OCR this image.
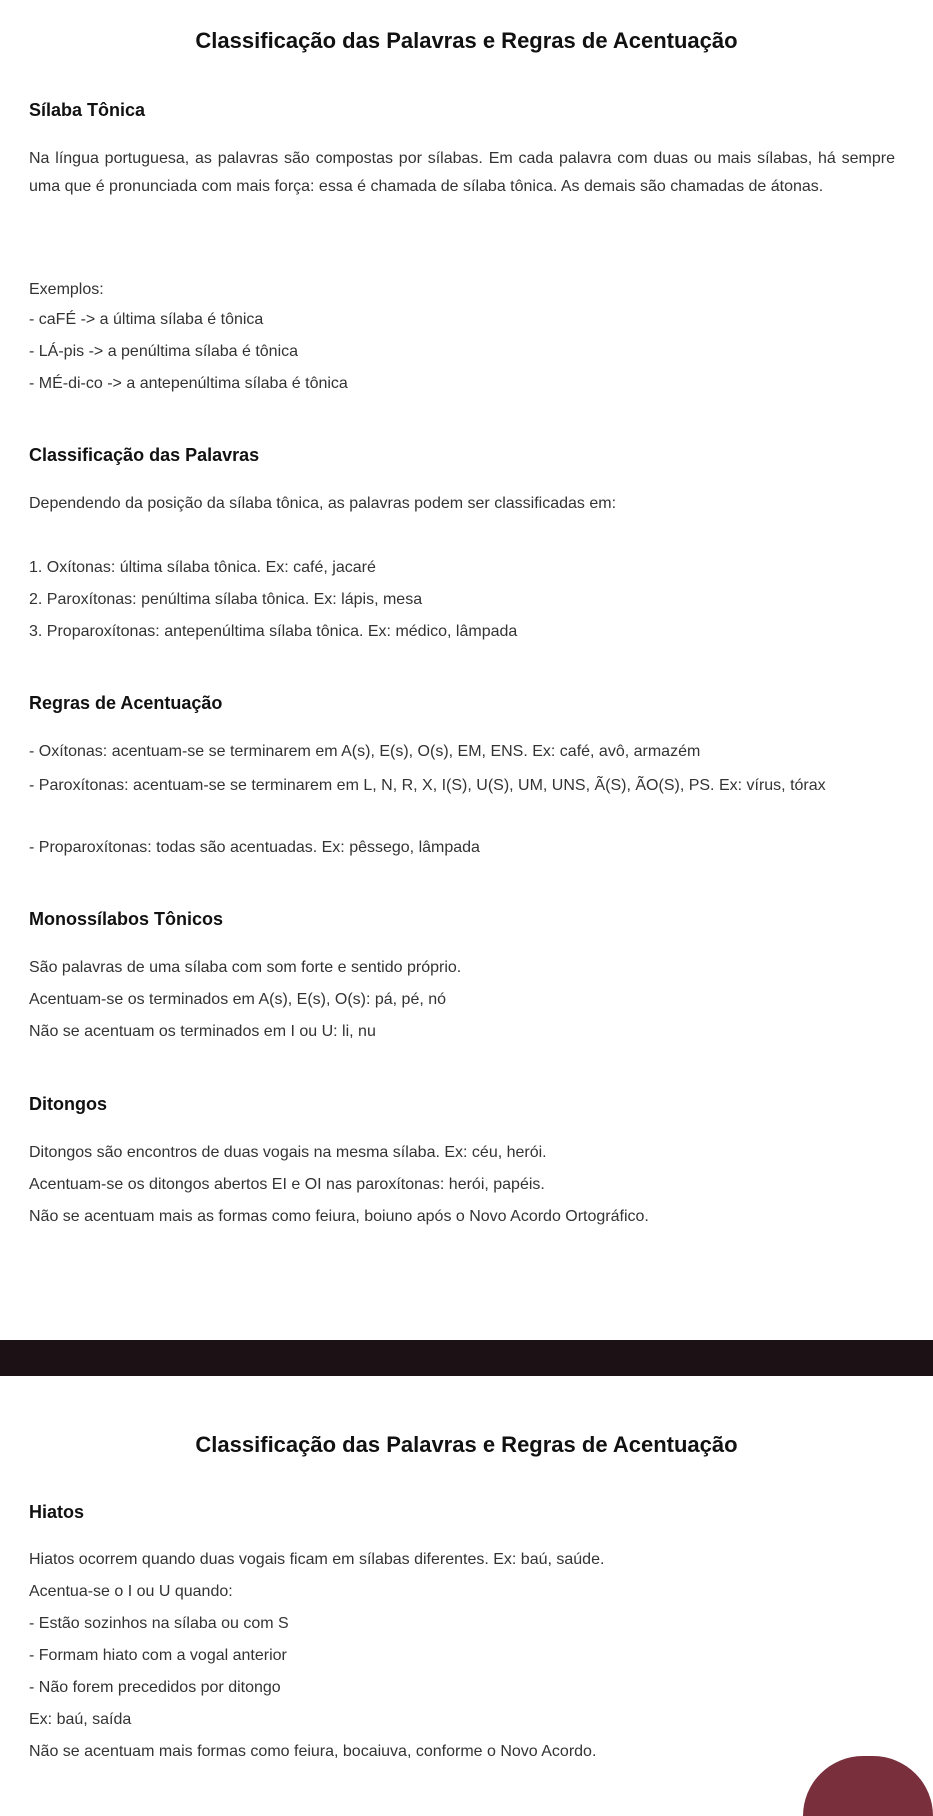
Classificação das Palavras e Regras de Acentuação
Sílaba Tônica

Na língua portuguesa, as palavras são compostas por sílabas. Em cada palavra com duas ou mais sílabas, há sempre uma que é pronunciada com mais força: essa é chamada de sílaba tônica. As demais são chamadas de átonas.

Exemplos:

- caFÉ -> a última sílaba é tônica

- LÁ-pis -> a penúltima sílaba é tônica

- MÉ-di-co -> a antepenúltima sílaba é tônica

Classificação das Palavras

Dependendo da posição da sílaba tônica, as palavras podem ser classificadas em:

1. Oxítonas: última sílaba tônica. Ex: café, jacaré

2. Paroxítonas: penúltima sílaba tônica. Ex: lápis, mesa

3. Proparoxítonas: antepenúltima sílaba tônica. Ex: médico, lâmpada

Regras de Acentuação

- Oxítonas: acentuam-se se terminarem em A(s), E(s), O(s), EM, ENS. Ex: café, avô, armazém

- Paroxítonas: acentuam-se se terminarem em L, N, R, X, I(S), U(S), UM, UNS, Ã(S), ÃO(S), PS. Ex: vírus, tórax

- Proparoxítonas: todas são acentuadas. Ex: pêssego, lâmpada

Monossílabos Tônicos

São palavras de uma sílaba com som forte e sentido próprio.

Acentuam-se os terminados em A(s), E(s), O(s): pá, pé, nó

Não se acentuam os terminados em I ou U: li, nu

Ditongos

Ditongos são encontros de duas vogais na mesma sílaba. Ex: céu, herói.

Acentuam-se os ditongos abertos EI e OI nas paroxítonas: herói, papéis.

Não se acentuam mais as formas como feiura, boiuno após o Novo Acordo Ortográfico.

Classificação das Palavras e Regras de Acentuação
Hiatos

Hiatos ocorrem quando duas vogais ficam em sílabas diferentes. Ex: baú, saúde.

Acentua-se o I ou U quando:

- Estão sozinhos na sílaba ou com S

- Formam hiato com a vogal anterior

- Não forem precedidos por ditongo

Ex: baú, saída

Não se acentuam mais formas como feiura, bocaiuva, conforme o Novo Acordo.
